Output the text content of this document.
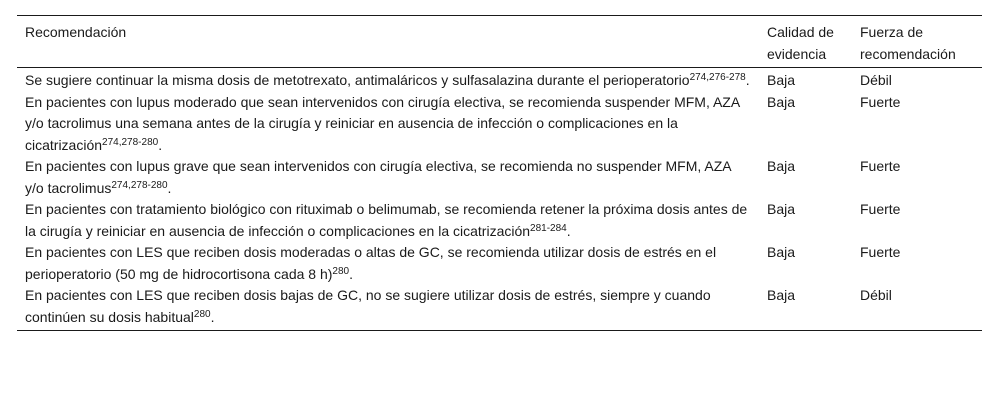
Recomendación	Calidad de evidencia	Fuerza de recomendación
Se sugiere continuar la misma dosis de metotrexato, antimaláricos y sulfasalazina durante el perioperatorio$^{274,276-278}$.	Baja	Débil
En pacientes con lupus moderado que sean intervenidos con cirugía electiva, se recomienda suspender MFM, AZA y/o tacrolimus una semana antes de la cirugía y reiniciar en ausencia de infección o complicaciones en la cicatrización$^{274,278-280}$.	Baja	Fuerte
En pacientes con lupus grave que sean intervenidos con cirugía electiva, se recomienda no suspender MFM, AZA y/o tacrolimus$^{274,278-280}$.	Baja	Fuerte
En pacientes con tratamiento biológico con rituximab o belimumab, se recomienda retener la próxima dosis antes de la cirugía y reiniciar en ausencia de infección o complicaciones en la cicatrización$^{281-284}$.	Baja	Fuerte
En pacientes con LES que reciben dosis moderadas o altas de GC, se recomienda utilizar dosis de estrés en el perioperatorio (50 mg de hidrocortisona cada 8 h)$^{280}$.	Baja	Fuerte
En pacientes con LES que reciben dosis bajas de GC, no se sugiere utilizar dosis de estrés, siempre y cuando continúen su dosis habitual$^{280}$.	Baja	Débil
